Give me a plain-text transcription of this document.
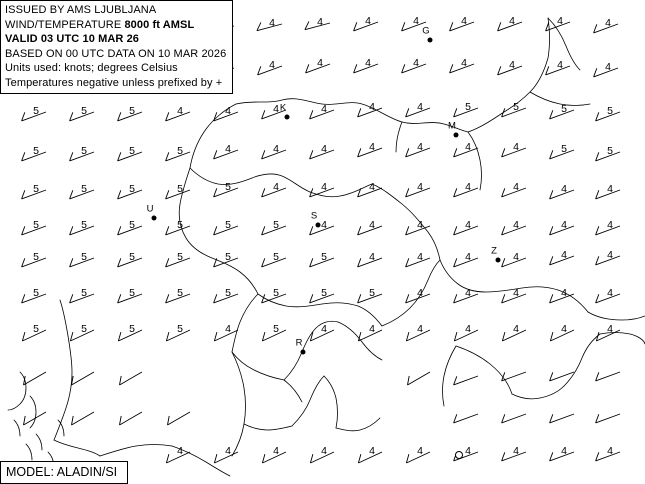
4	4	4	4	4	4	4	4
4	4	4	4	4	4	4	4
5	5	5	4	4	4	4	4	4	5	5	5	5
5	5	5	5	4	4	4	4	4	4	4	5	5
5	5	5	5	5	4	4	4	4	4	4	4	4
5	5	5	5	5	5	4	4	4	4	4	4	4
5	5	5	5	5	5	5	4	4	4	4	4	4
5	5	5	5	5	5	5	5	4	4	4	4	4
5	5	5	5	4	5	4	4	4	4	4	4	4
4	4	4	4	4	4	4	4	4	4
K
M
U
S
Z
R
G
ISSUED BY AMS LJUBLJANA
WIND/TEMPERATURE 8000 ft AMSL
VALID 03 UTC 10 MAR 26
BASED ON 00 UTC DATA ON 10 MAR 2026
Units used: knots; degrees Celsius
Temperatures negative unless prefixed by +
MODEL: ALADIN/SI
